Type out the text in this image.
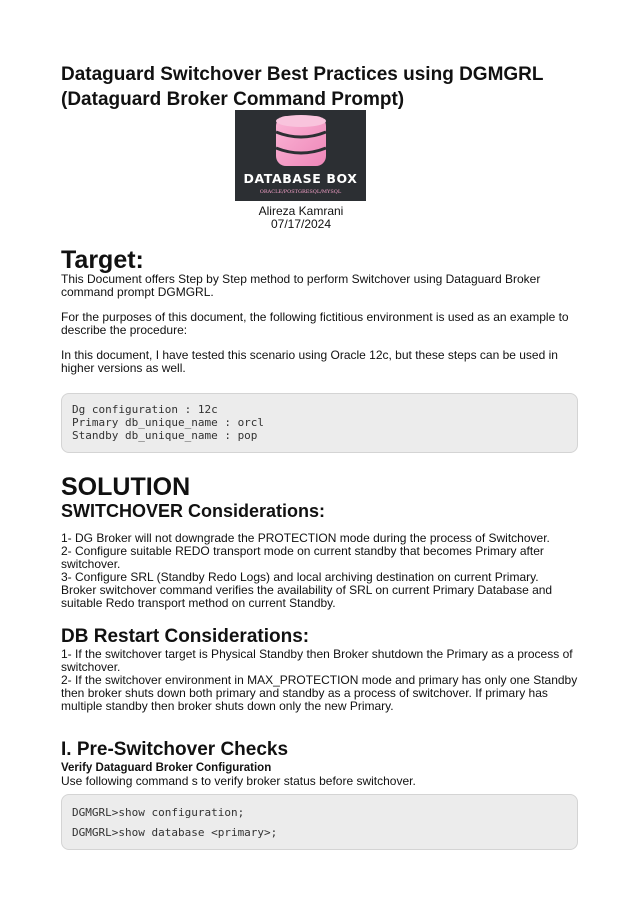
Dataguard Switchover Best Practices using DGMGRL
(Dataguard Broker Command Prompt)
DATABASE BOX
ORACLE/POSTGRESQL/MYSQL
Alireza Kamrani
07/17/2024
Target:
This Document offers Step by Step method to perform Switchover using Dataguard Broker
command prompt DGMGRL.
For the purposes of this document, the following fictitious environment is used as an example to
describe the procedure:
In this document, I have tested this scenario using Oracle 12c, but these steps can be used in
higher versions as well.
Dg configuration : 12c
Primary db_unique_name : orcl
Standby db_unique_name : pop
SOLUTION
SWITCHOVER Considerations:
1- DG Broker will not downgrade the PROTECTION mode during the process of Switchover.
2- Configure suitable REDO transport mode on current standby that becomes Primary after
switchover.
3- Configure SRL (Standby Redo Logs) and local archiving destination on current Primary.
Broker switchover command verifies the availability of SRL on current Primary Database and
suitable Redo transport method on current Standby.
DB Restart Considerations:
1- If the switchover target is Physical Standby then Broker shutdown the Primary as a process of
switchover.
2- If the switchover environment in MAX_PROTECTION mode and primary has only one Standby
then broker shuts down both primary and standby as a process of switchover. If primary has
multiple standby then broker shuts down only the new Primary.
I. Pre-Switchover Checks
Verify Dataguard Broker Configuration
Use following command s to verify broker status before switchover.
DGMGRL>show configuration;
DGMGRL>show database <primary>;
